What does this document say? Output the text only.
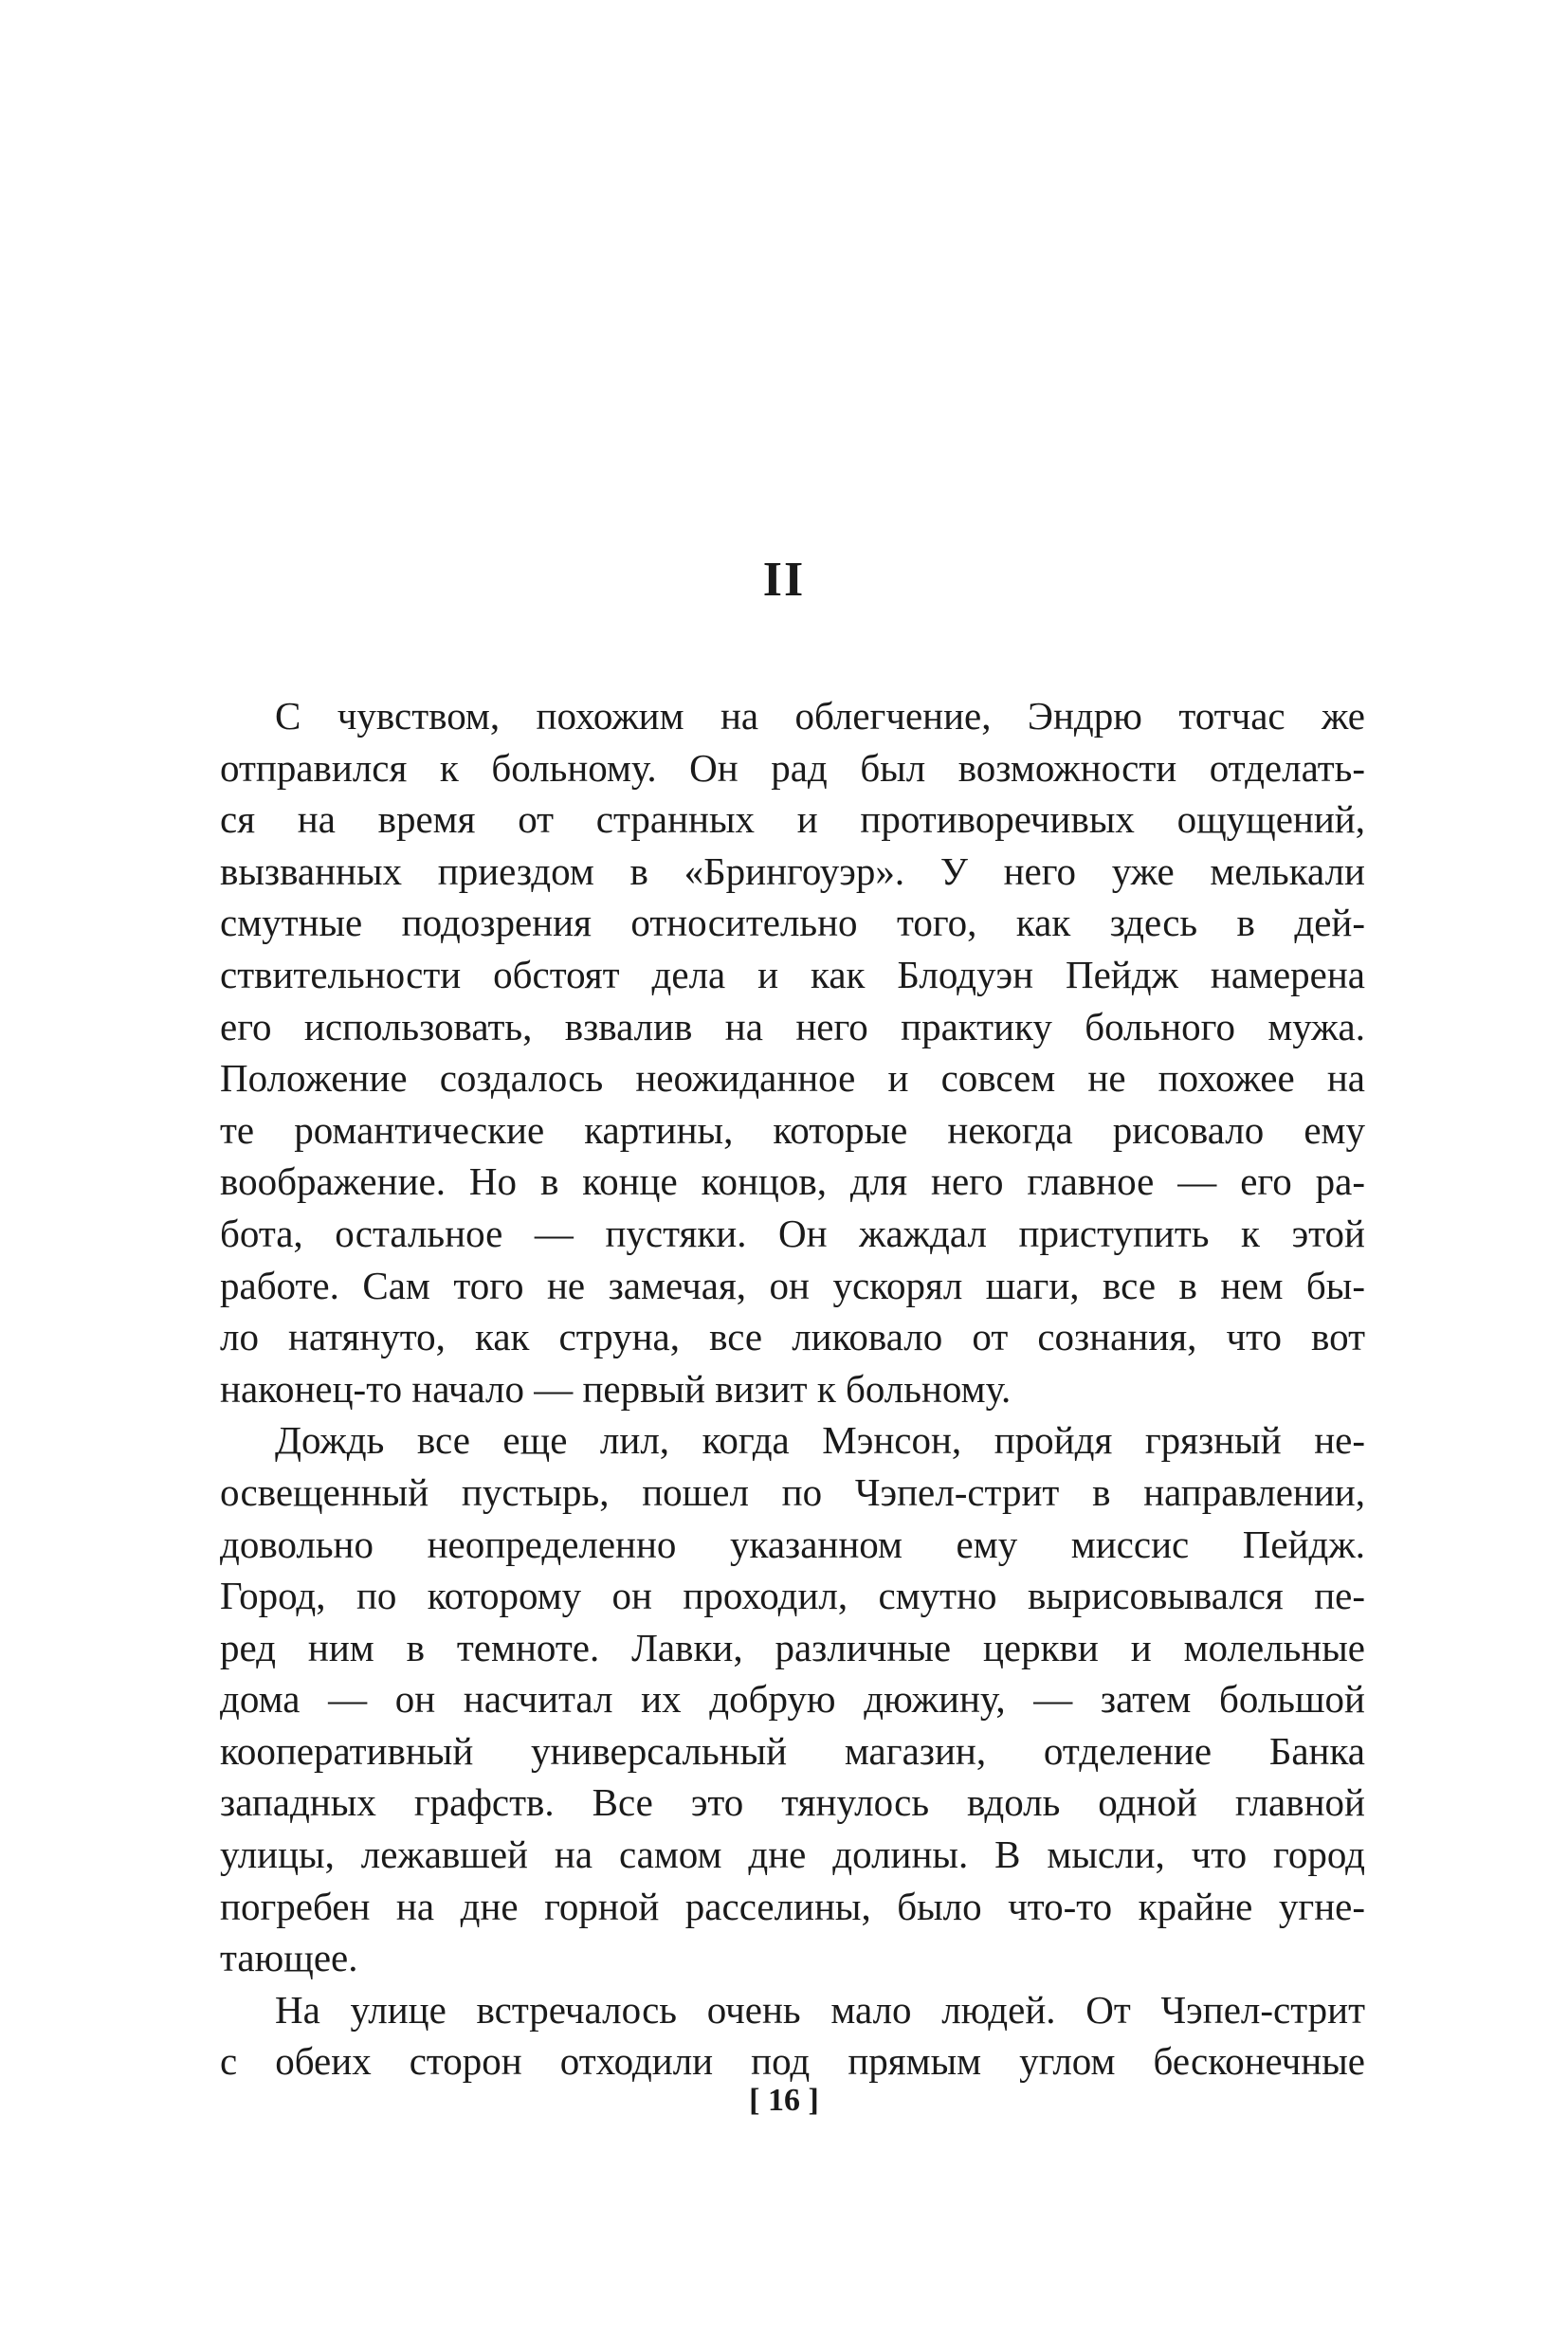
II
С чувством, похожим на облегчение, Эндрю тотчас же
отправился к больному. Он рад был возможности отделать-
ся на время от странных и противоречивых ощущений,
вызванных приездом в «Брингоуэр». У него уже мелькали
смутные подозрения относительно того, как здесь в дей-
ствительности обстоят дела и как Блодуэн Пейдж намерена
его использовать, взвалив на него практику больного мужа.
Положение создалось неожиданное и совсем не похожее на
те романтические картины, которые некогда рисовало ему
воображение. Но в конце концов, для него главное — его ра-
бота, остальное — пустяки. Он жаждал приступить к этой
работе. Сам того не замечая, он ускорял шаги, все в нем бы-
ло натянуто, как струна, все ликовало от сознания, что вот
наконец-то начало — первый визит к больному.
Дождь все еще лил, когда Мэнсон, пройдя грязный не-
освещенный пустырь, пошел по Чэпел-стрит в направлении,
довольно неопределенно указанном ему миссис Пейдж.
Город, по которому он проходил, смутно вырисовывался пе-
ред ним в темноте. Лавки, различные церкви и молельные
дома — он насчитал их добрую дюжину, — затем большой
кооперативный универсальный магазин, отделение Банка
западных графств. Все это тянулось вдоль одной главной
улицы, лежавшей на самом дне долины. В мысли, что город
погребен на дне горной расселины, было что-то крайне угне-
тающее.
На улице встречалось очень мало людей. От Чэпел-стрит
с обеих сторон отходили под прямым углом бесконечные
[ 16 ]
